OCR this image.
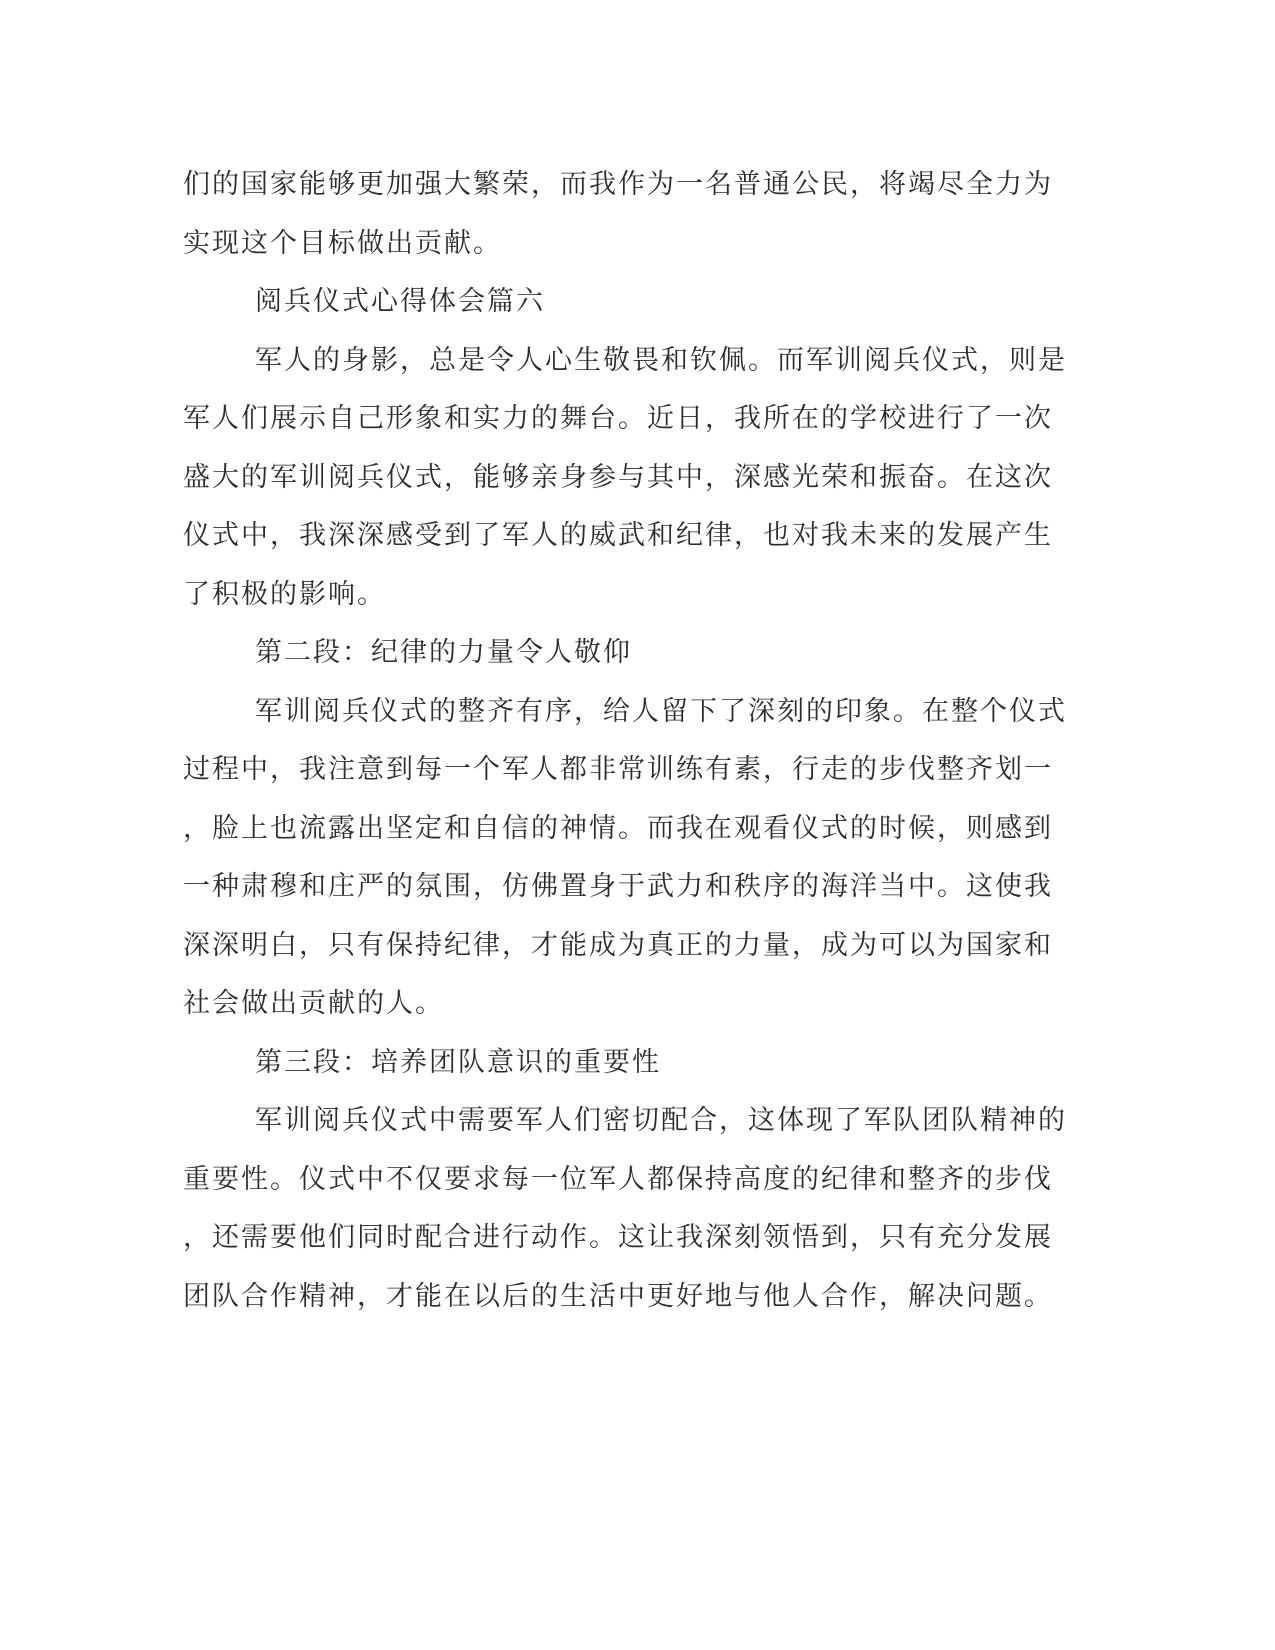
们的国家能够更加强大繁荣，而我作为一名普通公民，将竭尽全力为
实现这个目标做出贡献。
阅兵仪式心得体会篇六
军人的身影，总是令人心生敬畏和钦佩。而军训阅兵仪式，则是
军人们展示自己形象和实力的舞台。近日，我所在的学校进行了一次
盛大的军训阅兵仪式，能够亲身参与其中，深感光荣和振奋。在这次
仪式中，我深深感受到了军人的威武和纪律，也对我未来的发展产生
了积极的影响。
第二段：纪律的力量令人敬仰
军训阅兵仪式的整齐有序，给人留下了深刻的印象。在整个仪式
过程中，我注意到每一个军人都非常训练有素，行走的步伐整齐划一
，脸上也流露出坚定和自信的神情。而我在观看仪式的时候，则感到
一种肃穆和庄严的氛围，仿佛置身于武力和秩序的海洋当中。这使我
深深明白，只有保持纪律，才能成为真正的力量，成为可以为国家和
社会做出贡献的人。
第三段：培养团队意识的重要性
军训阅兵仪式中需要军人们密切配合，这体现了军队团队精神的
重要性。仪式中不仅要求每一位军人都保持高度的纪律和整齐的步伐
，还需要他们同时配合进行动作。这让我深刻领悟到，只有充分发展
团队合作精神，才能在以后的生活中更好地与他人合作，解决问题。
